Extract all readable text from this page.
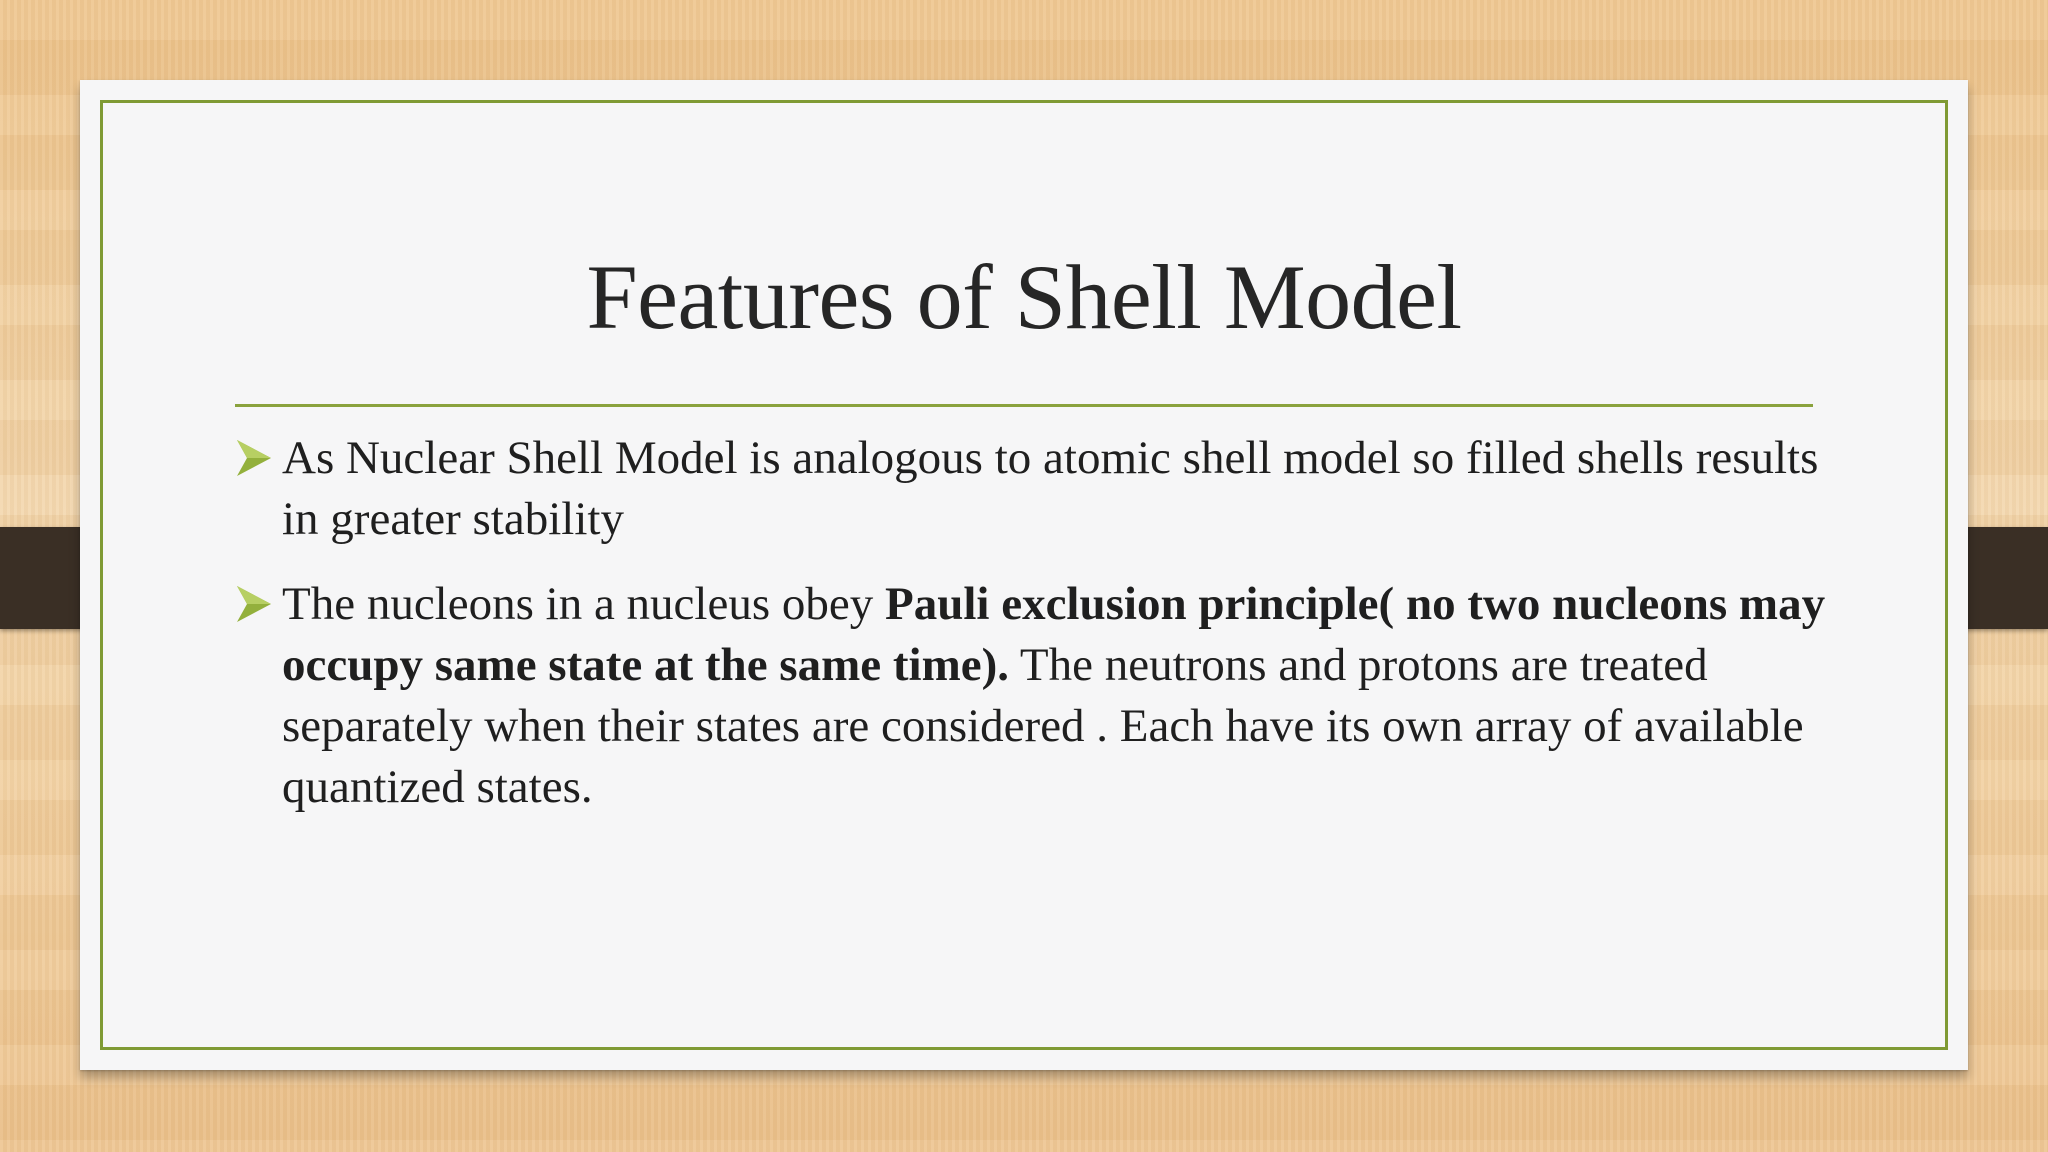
Features of Shell Model
As Nuclear Shell Model is analogous to atomic shell model so filled shells results in greater stability
The nucleons in a nucleus obey Pauli exclusion principle( no two nucleons may occupy same state at the same time). The neutrons and protons are treated separately when their states are considered . Each have its own array of available quantized states.
